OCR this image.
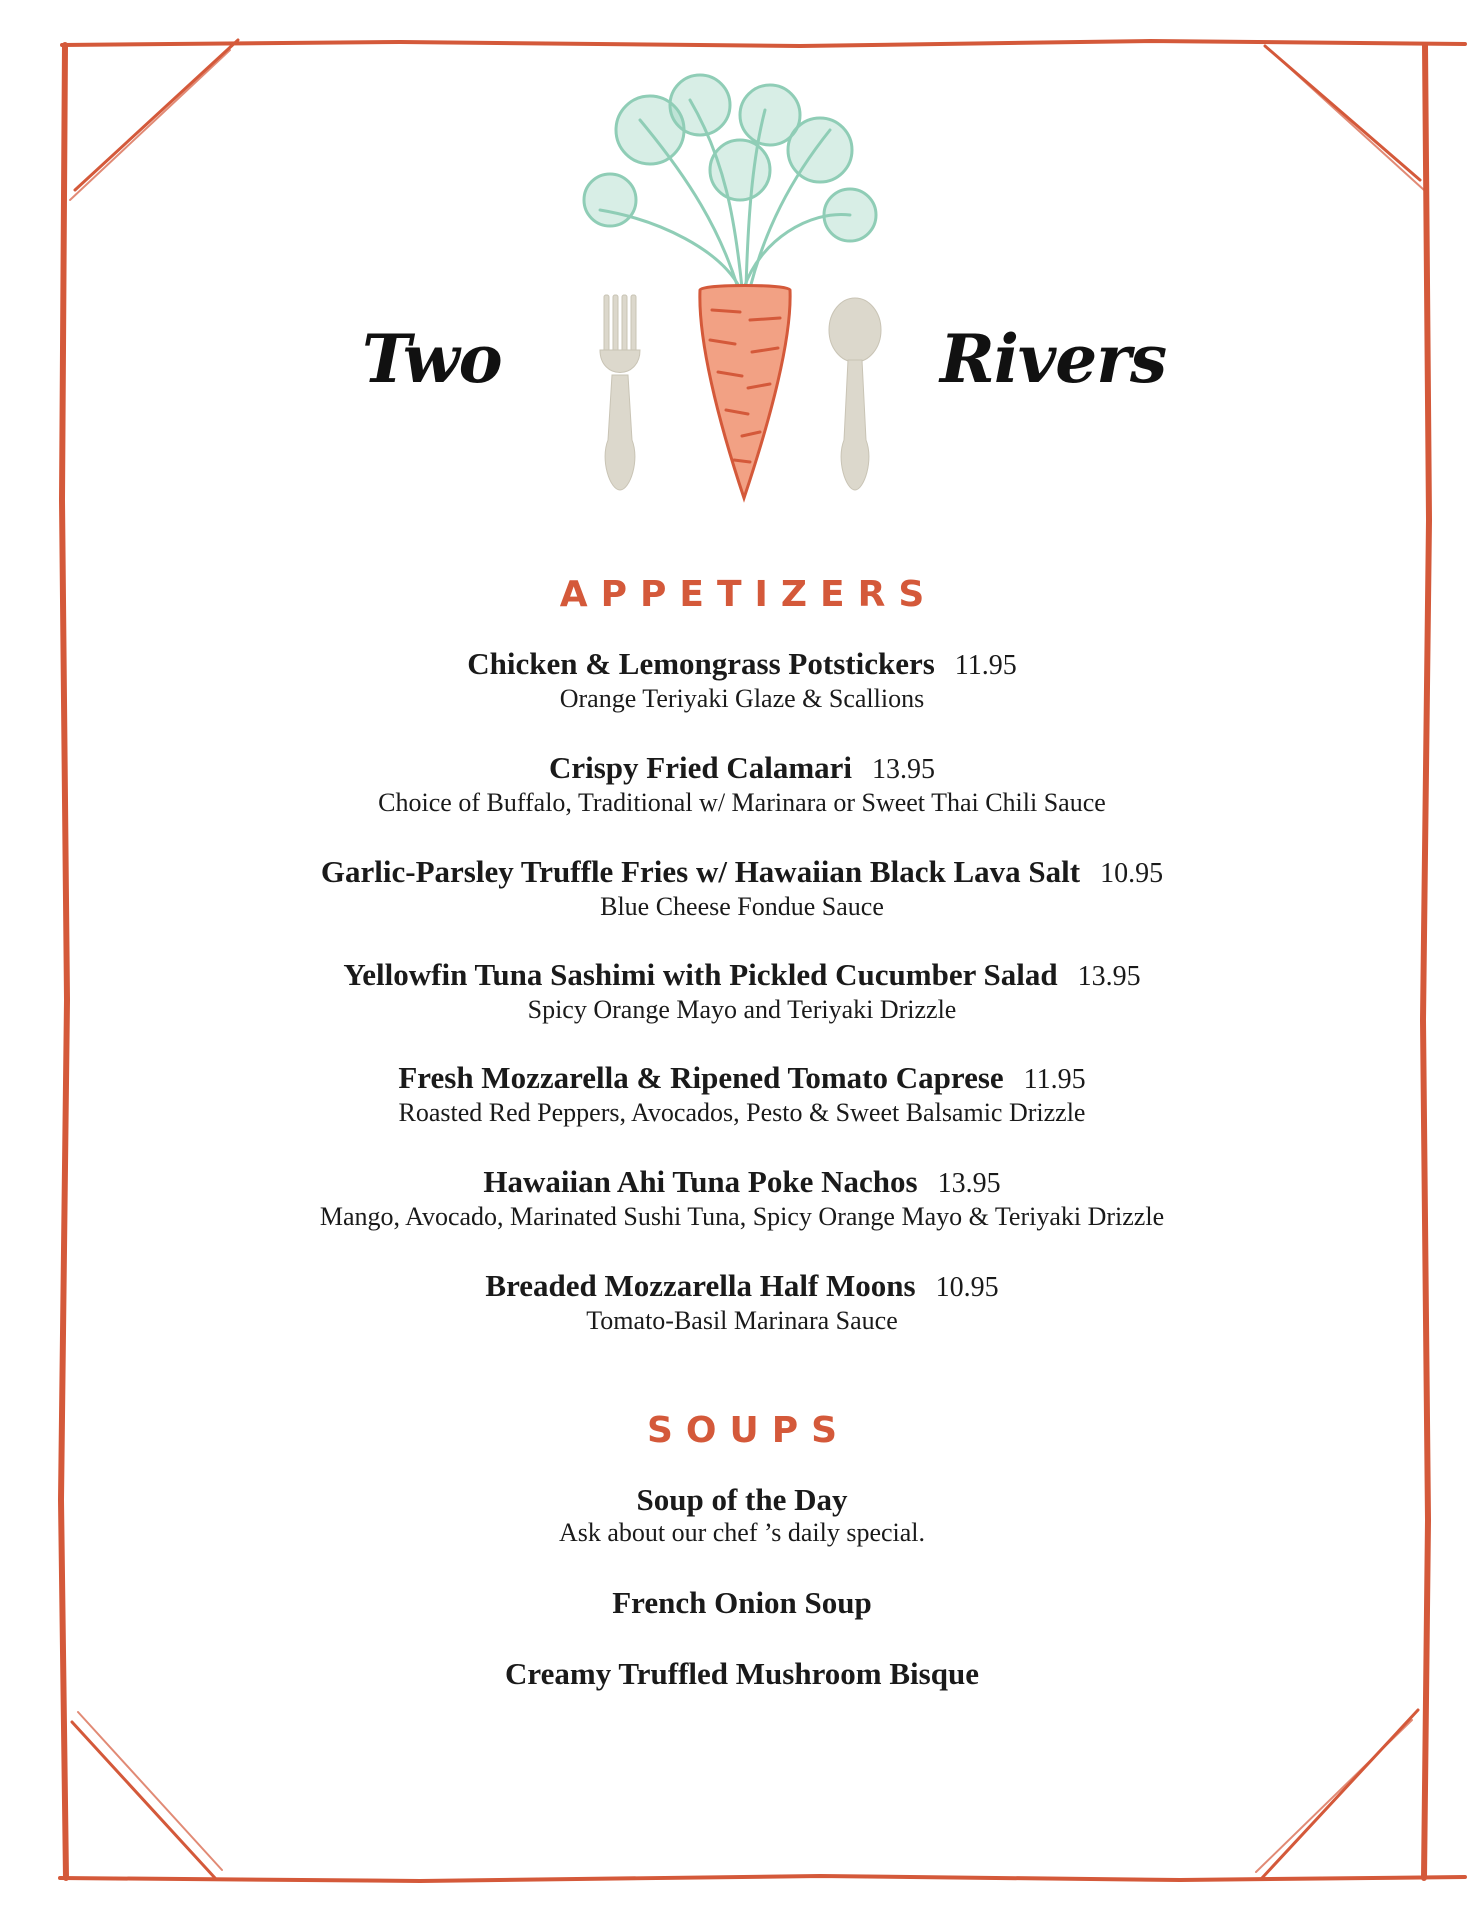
Two	Rivers
APPETIZERS
Chicken & Lemongrass Potstickers 11.95
Orange Teriyaki Glaze & Scallions
Crispy Fried Calamari 13.95
Choice of Buffalo, Traditional w/ Marinara or Sweet Thai Chili Sauce
Garlic-Parsley Truffle Fries w/ Hawaiian Black Lava Salt 10.95
Blue Cheese Fondue Sauce
Yellowfin Tuna Sashimi with Pickled Cucumber Salad 13.95
Spicy Orange Mayo and Teriyaki Drizzle
Fresh Mozzarella & Ripened Tomato Caprese 11.95
Roasted Red Peppers, Avocados, Pesto & Sweet Balsamic Drizzle
Hawaiian Ahi Tuna Poke Nachos 13.95
Mango, Avocado, Marinated Sushi Tuna, Spicy Orange Mayo & Teriyaki Drizzle
Breaded Mozzarella Half Moons 10.95
Tomato-Basil Marinara Sauce
SOUPS
Soup of the Day
Ask about our chef ’s daily special.
French Onion Soup
Creamy Truffled Mushroom Bisque
